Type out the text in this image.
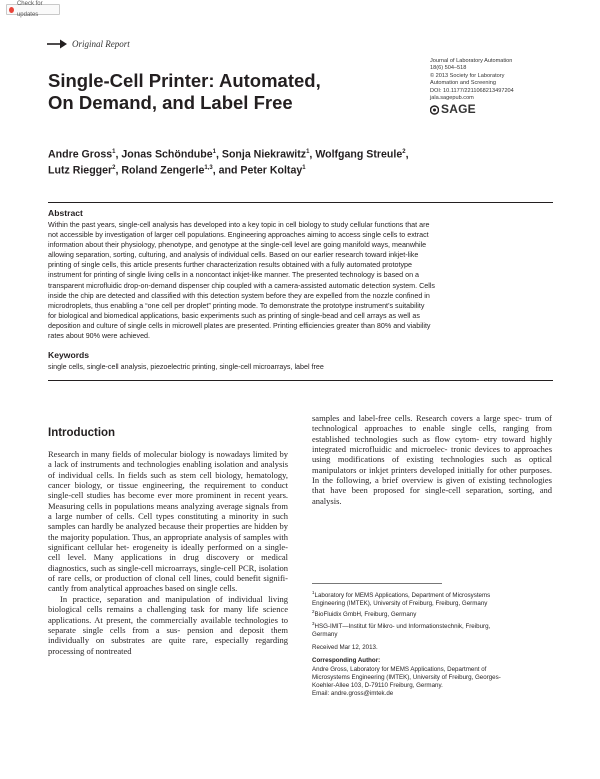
Check for updates
Original Report
Single-Cell Printer: Automated,
On Demand, and Label Free
Journal of Laboratory Automation
18(6) 504–518
© 2013 Society for Laboratory
Automation and Screening
DOI: 10.1177/2211068213497204
jala.sagepub.com
SAGE
Andre Gross$^1$, Jonas Schöndube$^1$, Sonja Niekrawitz$^1$, Wolfgang Streule$^2$,
Lutz Riegger$^2$, Roland Zengerle$^{1,3}$, and Peter Koltay$^1$
Abstract
Within the past years, single-cell analysis has developed into a key topic in cell biology to study cellular functions that are
not accessible by investigation of larger cell populations. Engineering approaches aiming to access single cells to extract
information about their physiology, phenotype, and genotype at the single-cell level are going manifold ways, meanwhile
allowing separation, sorting, culturing, and analysis of individual cells. Based on our earlier research toward inkjet-like
printing of single cells, this article presents further characterization results obtained with a fully automated prototype
instrument for printing of single living cells in a noncontact inkjet-like manner. The presented technology is based on a
transparent microfluidic drop-on-demand dispenser chip coupled with a camera-assisted automatic detection system. Cells
inside the chip are detected and classified with this detection system before they are expelled from the nozzle confined in
microdroplets, thus enabling a “one cell per droplet” printing mode. To demonstrate the prototype instrument’s suitability
for biological and biomedical applications, basic experiments such as printing of single-bead and cell arrays as well as
deposition and culture of single cells in microwell plates are presented. Printing efficiencies greater than 80% and viability
rates about 90% were achieved.
Keywords
single cells, single-cell analysis, piezoelectric printing, single-cell microarrays, label free
Introduction

Research in many fields of molecular biology is nowadays limited by a lack of instruments and technologies enabling isolation and analysis of individual cells. In fields such as stem cell biology, hematology, cancer biology, or tissue engineering, the requirement to conduct single-cell studies has become ever more prominent in recent years. Measuring cells in populations means analyzing average signals from a large number of cells. Cell types constituting a minority in such samples can hardly be analyzed because their properties are hidden by the majority population. Thus, an appropriate analysis of samples with significant cellular het- erogeneity is ideally performed on a single-cell level. Many applications in drug discovery or medical diagnostics, such as single-cell microarrays, single-cell PCR, isolation of rare cells, or production of clonal cell lines, could benefit signifi- cantly from analytical approaches based on single cells.

In practice, separation and manipulation of individual living biological cells remains a challenging task for many life science applications. At present, the commercially available technologies to separate single cells from a sus- pension and deposit them individually on substrates are quite rare, especially regarding processing of nontreated

samples and label-free cells. Research covers a large spec- trum of technological approaches to enable single cells, ranging from established technologies such as flow cytom- etry toward highly integrated microfluidic and microelec- tronic devices to approaches using modifications of existing technologies such as optical manipulators or inkjet printers developed initially for other purposes. In the following, a brief overview is given of existing technologies that have been proposed for single-cell separation, sorting, and analysis.

$^1$Laboratory for MEMS Applications, Department of Microsystems
Engineering (IMTEK), University of Freiburg, Freiburg, Germany
$^2$BioFluidix GmbH, Freiburg, Germany
$^3$HSG-IMIT—Institut für Mikro- und Informationstechnik, Freiburg,
Germany
Received Mar 12, 2013.
Corresponding Author:
Andre Gross, Laboratory for MEMS Applications, Department of
Microsystems Engineering (IMTEK), University of Freiburg, Georges-
Koehler-Allee 103, D-79110 Freiburg, Germany.
Email: andre.gross@imtek.de
